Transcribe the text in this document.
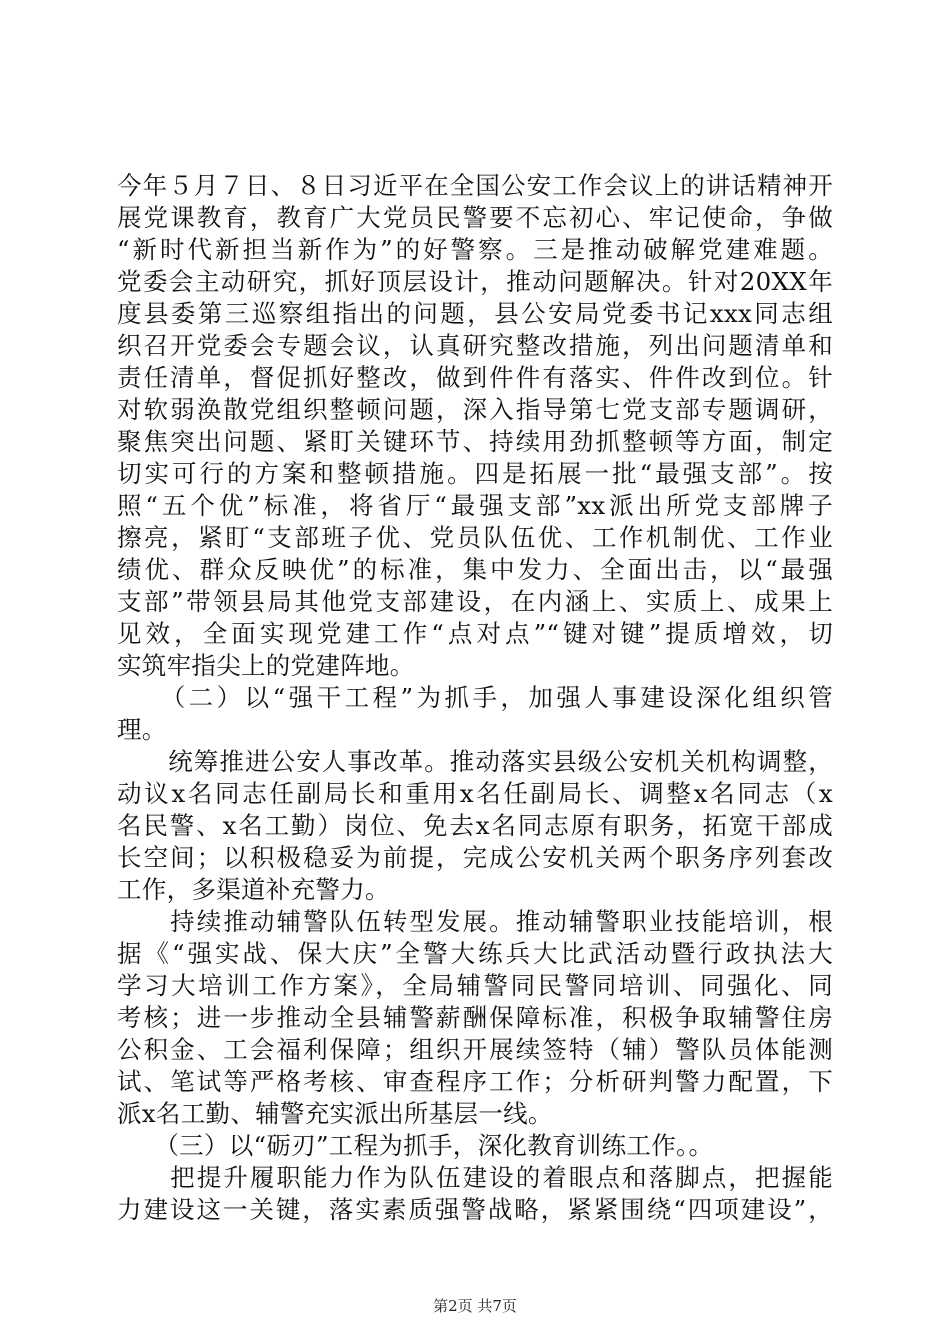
今年５月７日、８日习近平在全国公安工作会议上的讲话精神开
展党课教育，教育广大党员民警要不忘初心、牢记使命，争做
“新时代新担当新作为”的好警察。三是推动破解党建难题。
党委会主动研究，抓好顶层设计，推动问题解决。针对20XX年
度县委第三巡察组指出的问题，县公安局党委书记xxx同志组
织召开党委会专题会议，认真研究整改措施，列出问题清单和
责任清单，督促抓好整改，做到件件有落实、件件改到位。针
对软弱涣散党组织整顿问题，深入指导第七党支部专题调研，
聚焦突出问题、紧盯关键环节、持续用劲抓整顿等方面，制定
切实可行的方案和整顿措施。四是拓展一批“最强支部”。按
照“五个优”标准，将省厅“最强支部”xx派出所党支部牌子
擦亮，紧盯“支部班子优、党员队伍优、工作机制优、工作业
绩优、群众反映优”的标准，集中发力、全面出击，以“最强
支部”带领县局其他党支部建设，在内涵上、实质上、成果上
见效，全面实现党建工作“点对点”“键对键”提质增效，切
实筑牢指尖上的党建阵地。
　　（二）以“强干工程”为抓手，加强人事建设深化组织管
理。
　　统筹推进公安人事改革。推动落实县级公安机关机构调整，
动议x名同志任副局长和重用x名任副局长、调整x名同志（x
名民警、x名工勤）岗位、免去x名同志原有职务，拓宽干部成
长空间；以积极稳妥为前提，完成公安机关两个职务序列套改
工作，多渠道补充警力。
　　持续推动辅警队伍转型发展。推动辅警职业技能培训，根
据《“强实战、保大庆”全警大练兵大比武活动暨行政执法大
学习大培训工作方案》，全局辅警同民警同培训、同强化、同
考核；进一步推动全县辅警薪酬保障标准，积极争取辅警住房
公积金、工会福利保障；组织开展续签特（辅）警队员体能测
试、笔试等严格考核、审查程序工作；分析研判警力配置，下
派x名工勤、辅警充实派出所基层一线。
　　（三）以“砺刃”工程为抓手，深化教育训练工作。。
　　把提升履职能力作为队伍建设的着眼点和落脚点，把握能
力建设这一关键，落实素质强警战略，紧紧围绕“四项建设”，
第2页 共7页
